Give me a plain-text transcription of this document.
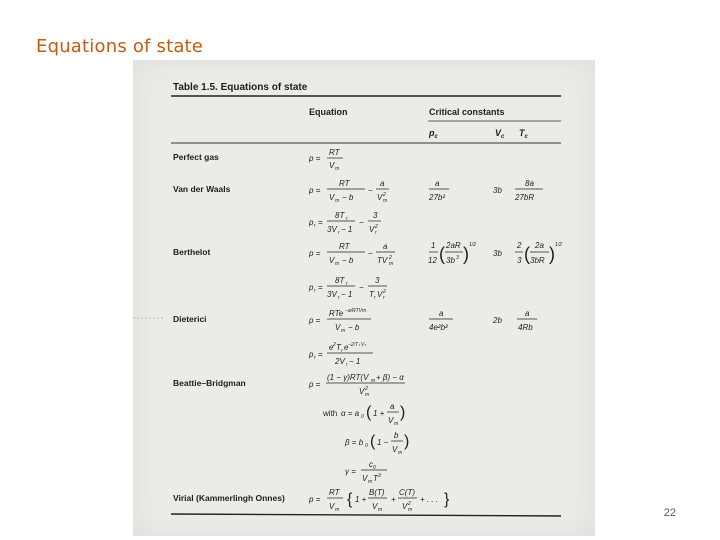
Equations of state
Table 1.5. Equations of state
Equation	Critical constants
$p_c$	$V_c$ $T_c$
Perfect gas
Van der Waals
Berthelot
Dieterici
Beattie–Bridgman
Virial (Kammerlingh Onnes)
p =
RT
V m
p =
RT
V m − b
−
a
V 2
m
p r =
8T r
3V r − 1
−
3
V 2
r
p =
RT
V m − b
−
a
TV 2
m
p r =
8T r
3V r − 1
−
3
T r V 2
r
p =
RTe −a/RTVm
V m − b
p r =
e 2 T r e −2/T r V r
2V r − 1
p =
(1 − γ)RT(V m + β) − α
V 2
m
with α = a 0 ( 1 +
a
V m
)
β = b 0 ( 1 −
b
V m
)
γ =
c 0
V m T 3
p =
RT
V m
{ 1 +
B(T)
V m
+
C(T)
V 2
m
+ . . . }
a
27b²
3b
8a
27bR
1
12 ( 2aR
3b 3 ) 1/2
3b
2
3 ( 2a
3bR ) 1/2
a
4e²b²
2b
a
4Rb
22
